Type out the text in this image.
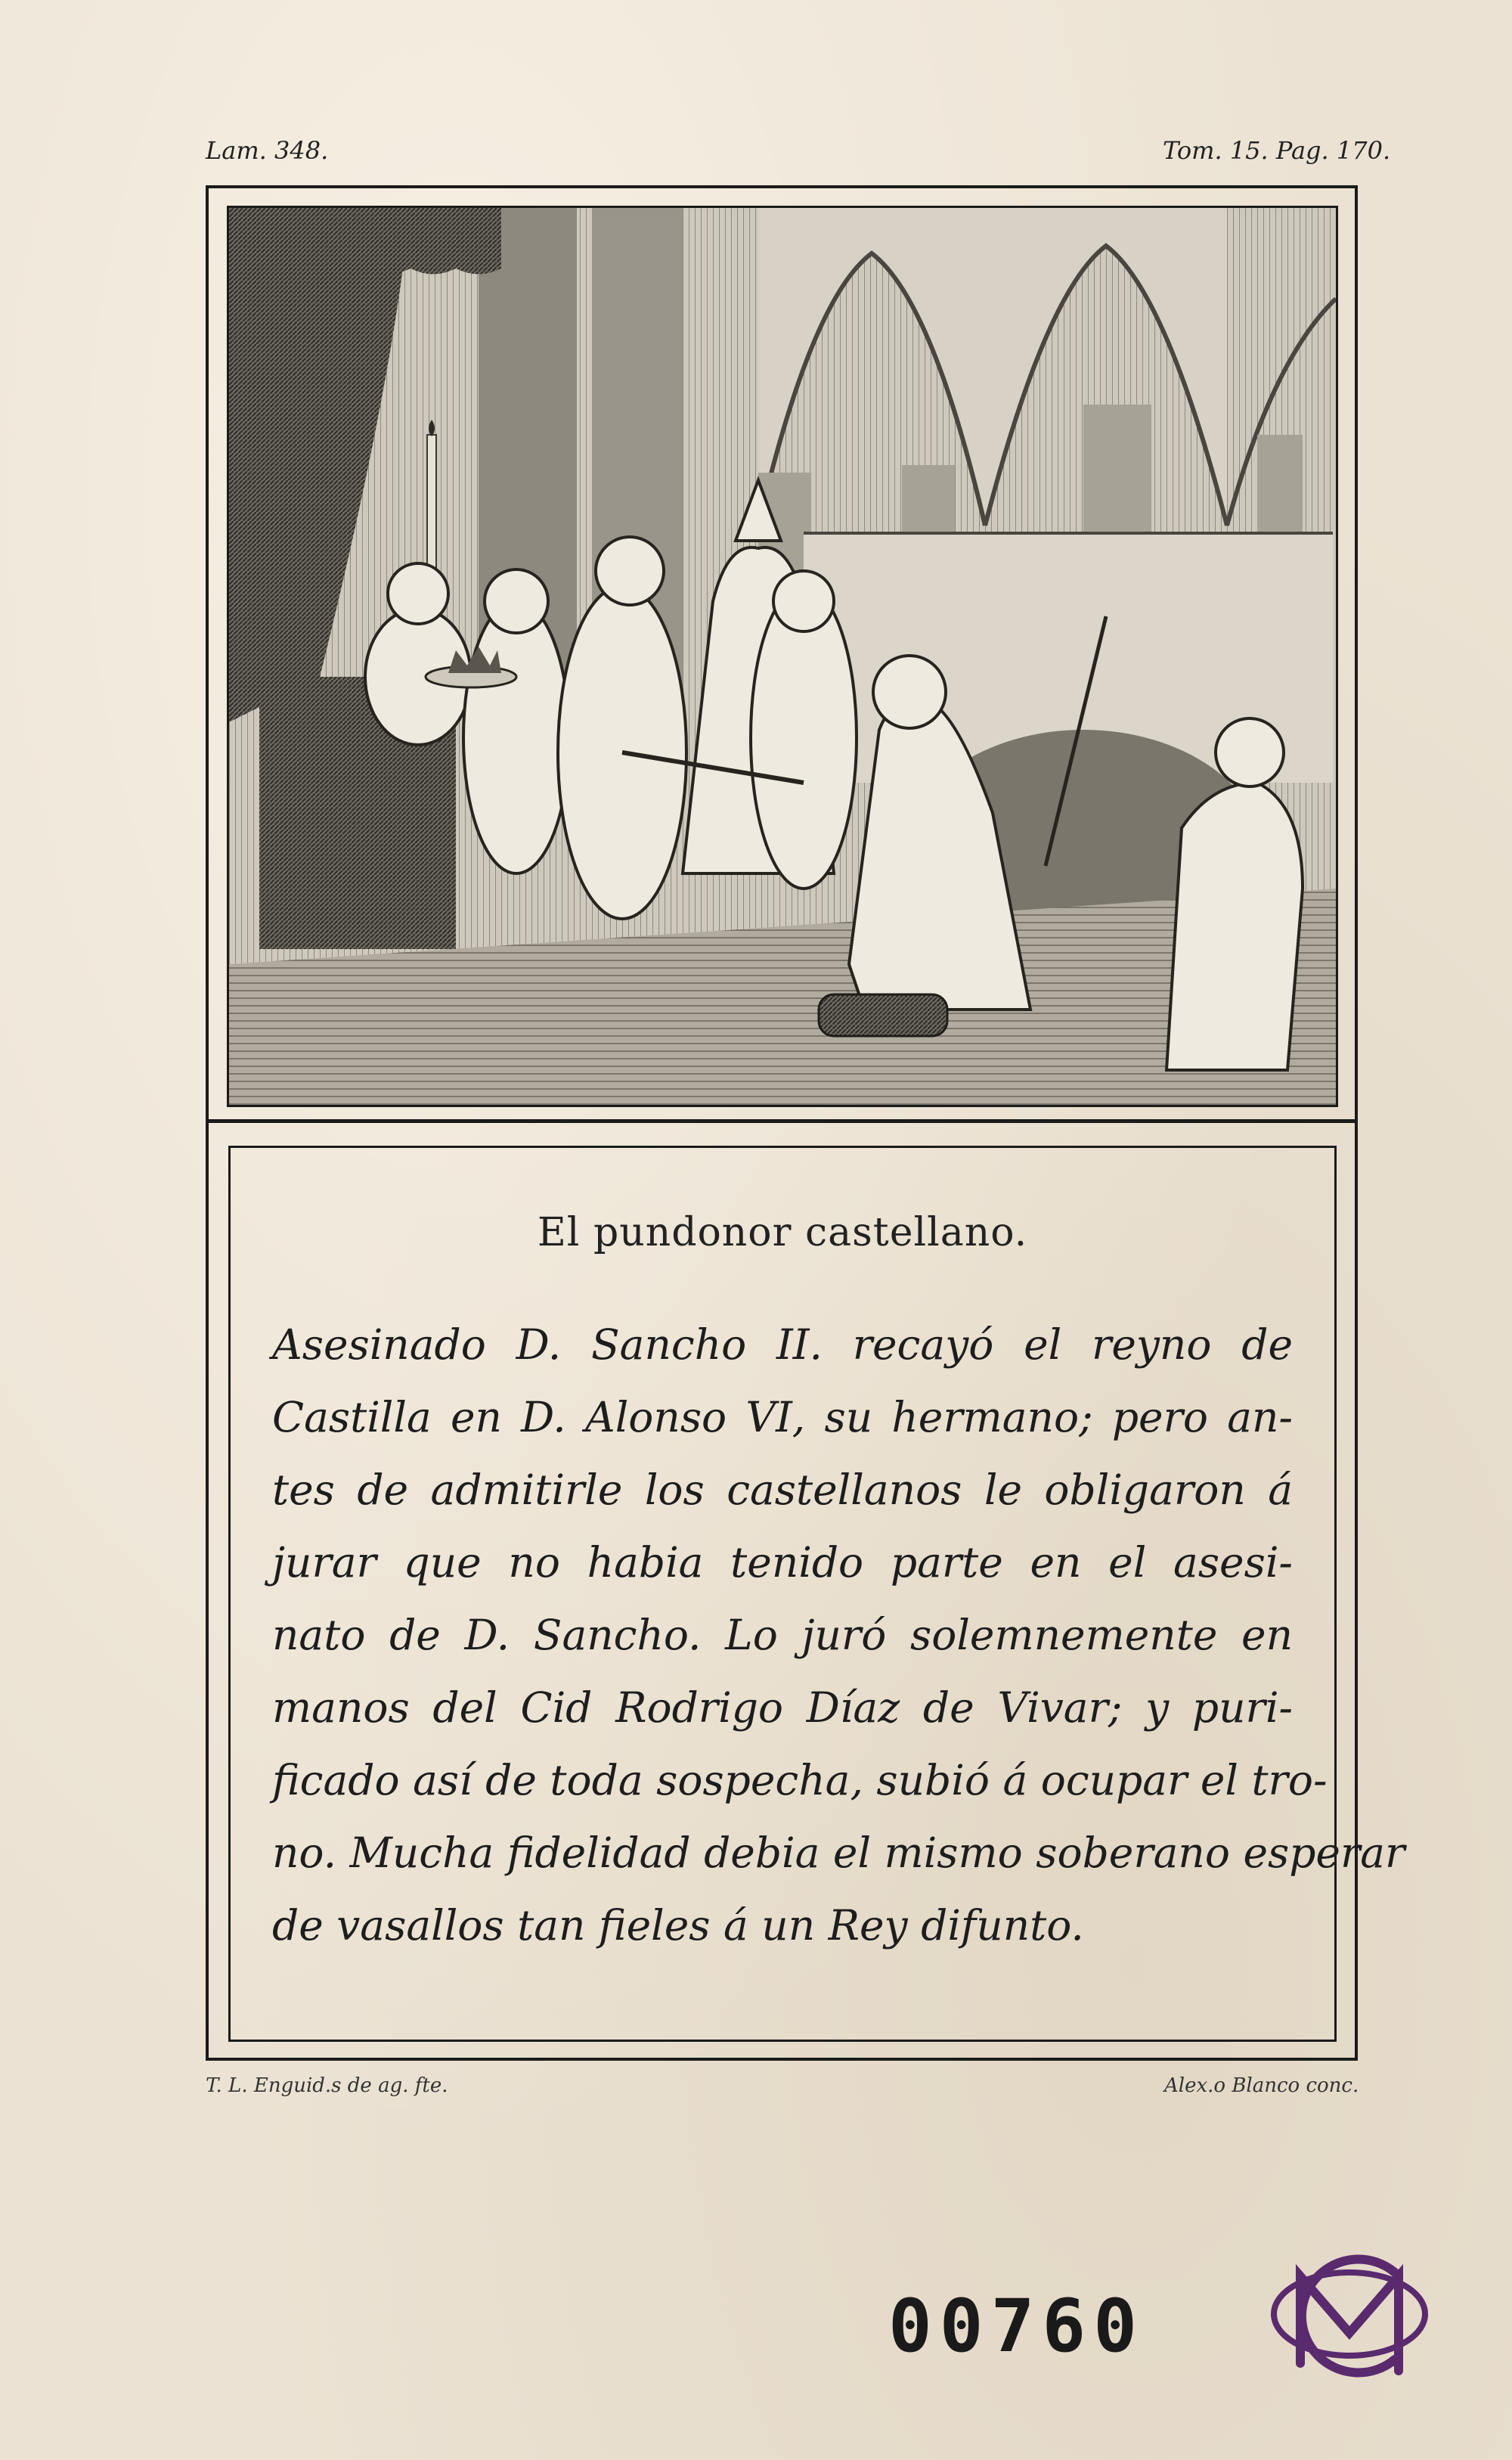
Lam. 348.	Tom. 15. Pag. 170.
El pundonor castellano.
Asesinado D. Sancho II. recayó el reyno de
Castilla en D. Alonso VI, su hermano; pero an-
tes de admitirle los castellanos le obligaron á
jurar que no habia tenido parte en el asesi-
nato de D. Sancho. Lo juró solemnemente en
manos del Cid Rodrigo Díaz de Vivar; y puri-
ficado así de toda sospecha, subió á ocupar el tro-
no. Mucha fidelidad debia el mismo soberano esperar
de vasallos tan fieles á un Rey difunto.
T. L. Enguid.s de ag. fte.	Alex.o Blanco conc.
00760
